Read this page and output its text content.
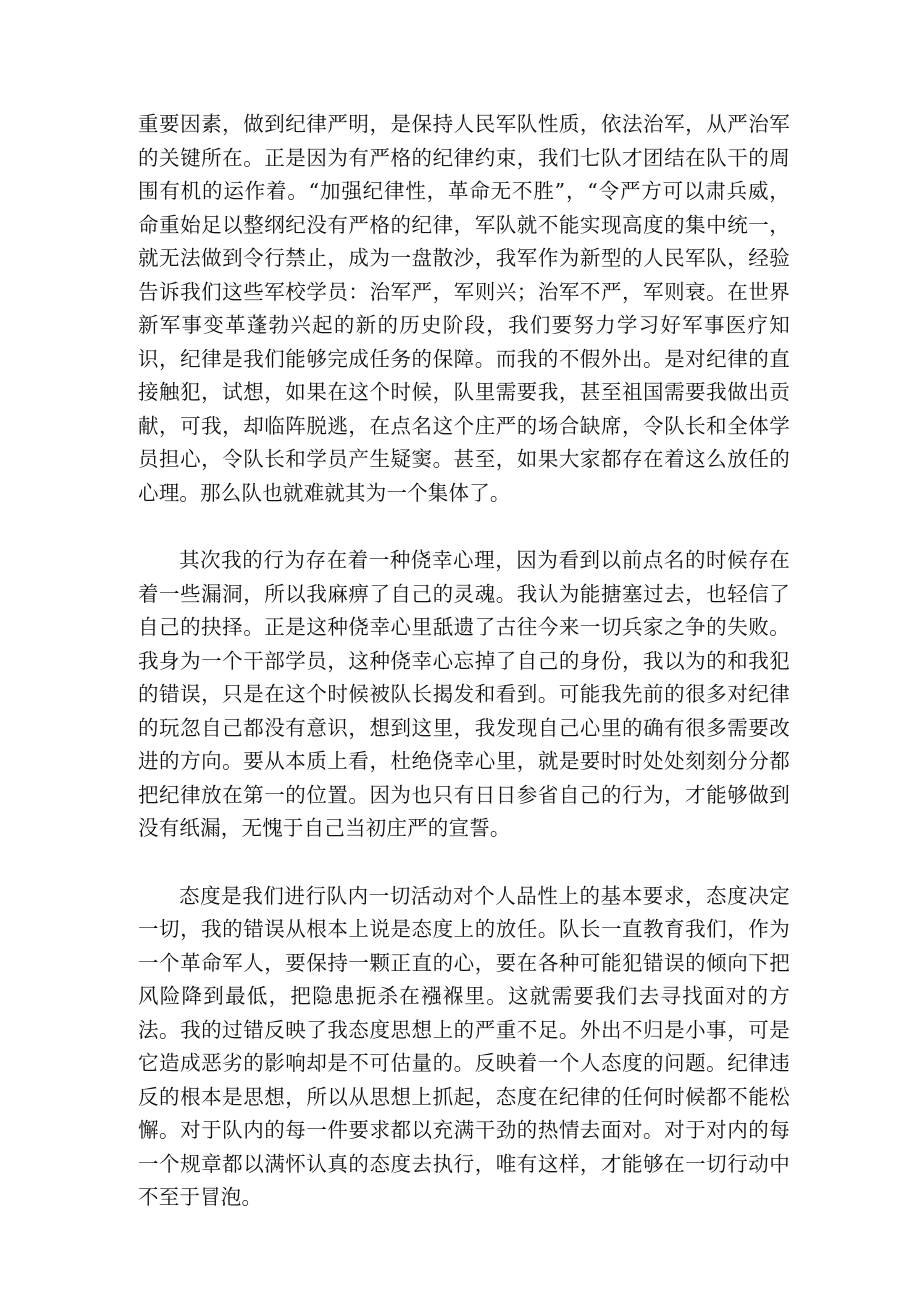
重要因素，做到纪律严明，是保持人民军队性质，依法治军，从严治军的关键所在。正是因为有严格的纪律约束，我们七队才团结在队干的周围有机的运作着。“加强纪律性，革命无不胜”，“令严方可以肃兵威，命重始足以整纲纪没有严格的纪律，军队就不能实现高度的集中统一，就无法做到令行禁止，成为一盘散沙，我军作为新型的人民军队，经验告诉我们这些军校学员：治军严，军则兴；治军不严，军则衰。在世界新军事变革蓬勃兴起的新的历史阶段，我们要努力学习好军事医疗知识，纪律是我们能够完成任务的保障。而我的不假外出。是对纪律的直接触犯，试想，如果在这个时候，队里需要我，甚至祖国需要我做出贡献，可我，却临阵脱逃，在点名这个庄严的场合缺席，令队长和全体学员担心，令队长和学员产生疑窦。甚至，如果大家都存在着这么放任的心理。那么队也就难就其为一个集体了。

其次我的行为存在着一种侥幸心理，因为看到以前点名的时候存在着一些漏洞，所以我麻痹了自己的灵魂。我认为能搪塞过去，也轻信了自己的抉择。正是这种侥幸心里舐遗了古往今来一切兵家之争的失败。我身为一个干部学员，这种侥幸心忘掉了自己的身份，我以为的和我犯的错误，只是在这个时候被队长揭发和看到。可能我先前的很多对纪律的玩忽自己都没有意识，想到这里，我发现自己心里的确有很多需要改进的方向。要从本质上看，杜绝侥幸心里，就是要时时处处刻刻分分都把纪律放在第一的位置。因为也只有日日参省自己的行为，才能够做到没有纸漏，无愧于自己当初庄严的宣誓。

态度是我们进行队内一切活动对个人品性上的基本要求，态度决定一切，我的错误从根本上说是态度上的放任。队长一直教育我们，作为一个革命军人，要保持一颗正直的心，要在各种可能犯错误的倾向下把风险降到最低，把隐患扼杀在襁褓里。这就需要我们去寻找面对的方法。我的过错反映了我态度思想上的严重不足。外出不归是小事，可是它造成恶劣的影响却是不可估量的。反映着一个人态度的问题。纪律违反的根本是思想，所以从思想上抓起，态度在纪律的任何时候都不能松懈。对于队内的每一件要求都以充满干劲的热情去面对。对于对内的每一个规章都以满怀认真的态度去执行，唯有这样，才能够在一切行动中不至于冒泡。
